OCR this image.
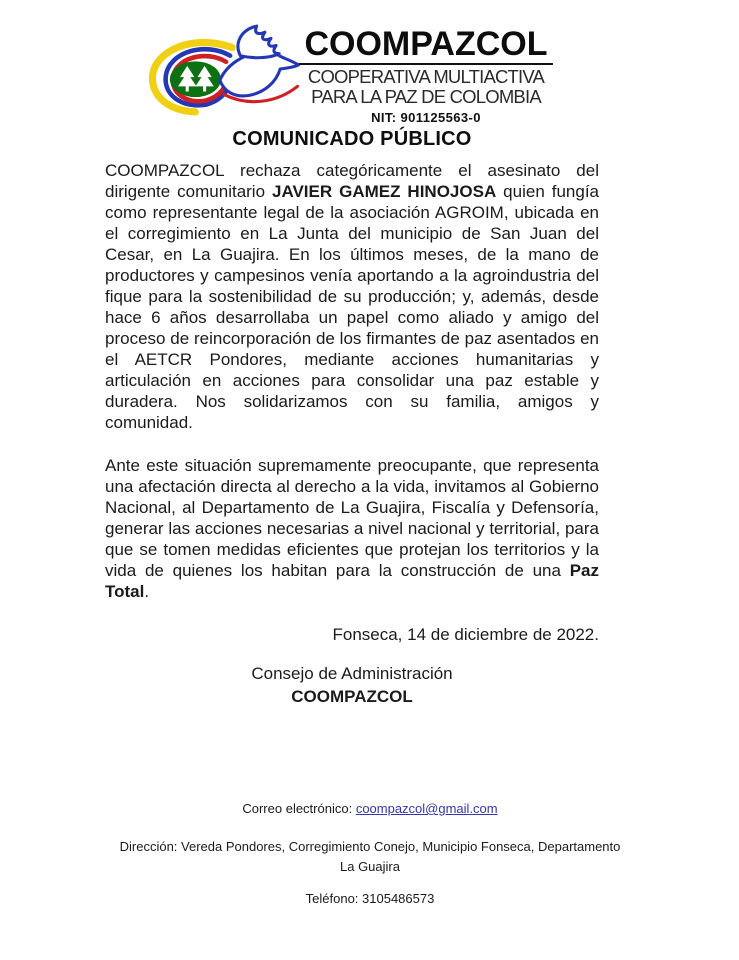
COOMPAZCOL
COOPERATIVA MULTIACTIVA
PARA LA PAZ DE COLOMBIA
NIT: 901125563-0
COMUNICADO PÚBLICO

COOMPAZCOL rechaza categóricamente el asesinato del dirigente comunitario JAVIER GAMEZ HINOJOSA quien fungía como representante legal de la asociación AGROIM, ubicada en el corregimiento en La Junta del municipio de San Juan del Cesar, en La Guajira. En los últimos meses, de la mano de productores y campesinos venía aportando a la agroindustria del fique para la sostenibilidad de su producción; y, además, desde hace 6 años desarrollaba un papel como aliado y amigo del proceso de reincorporación de los firmantes de paz asentados en el AETCR Pondores, mediante acciones humanitarias y articulación en acciones para consolidar una paz estable y duradera. Nos solidarizamos con su familia, amigos y comunidad.

Ante este situación supremamente preocupante, que representa una afectación directa al derecho a la vida, invitamos al Gobierno Nacional, al Departamento de La Guajira, Fiscalía y Defensoría, generar las acciones necesarias a nivel nacional y territorial, para que se tomen medidas eficientes que protejan los territorios y la vida de quienes los habitan para la construcción de una Paz Total.

Fonseca, 14 de diciembre de 2022.

Consejo de Administración
COOMPAZCOL
Correo electrónico: coompazcol@gmail.com
Dirección: Vereda Pondores, Corregimiento Conejo, Municipio Fonseca, Departamento La Guajira
Teléfono: 3105486573
